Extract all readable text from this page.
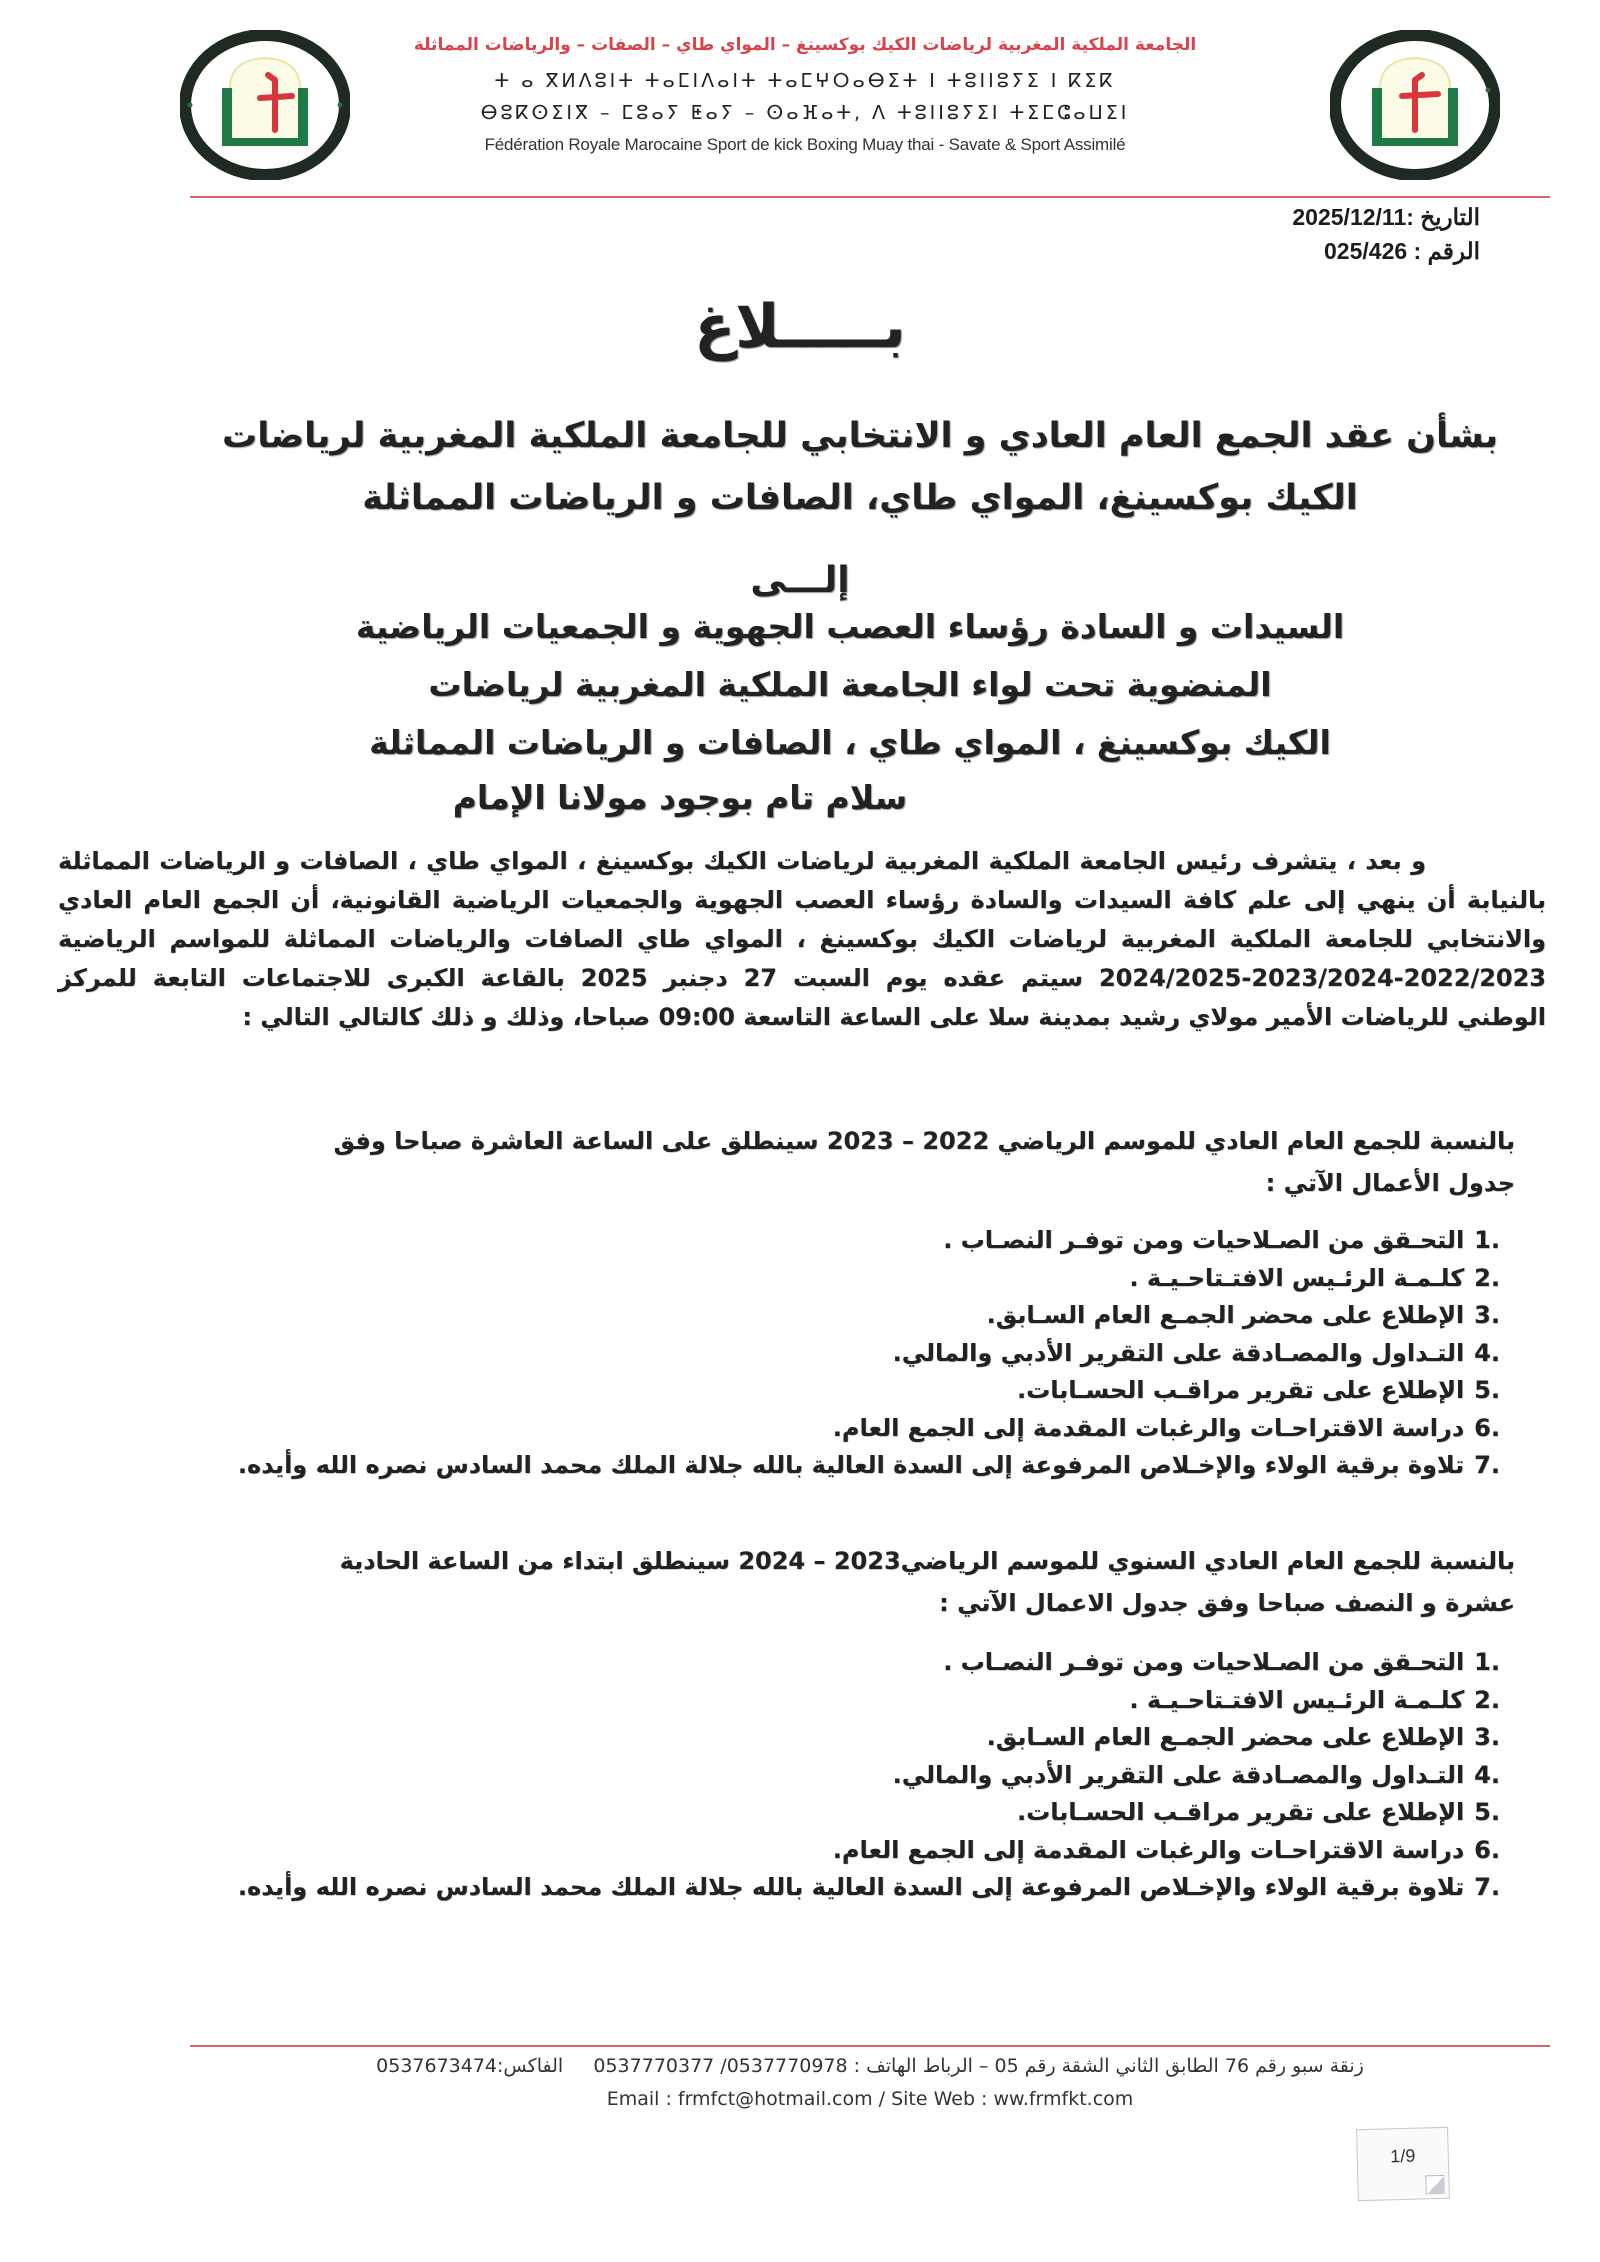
الجامعة الملكية المغربية لرياضات الكيك بوكسينغ – المواي طاي – الصفات – والرياضات المماثلة
ⵜ ⴰ ⴳⵍⴷⵓⵏⵜ ⵜⴰⵎⵏⴷⴰⵏⵜ ⵜⴰⵎⵖⵔⴰⴱⵉⵜ ⵏ ⵜⵓⵏⵏⵓⵢⵉ ⵏ ⴽⵉⴽ
ⴱⵓⴽⵙⵉⵏⴳ – ⵎⵓⴰⵢ ⵟⴰⵢ – ⵙⴰⴼⴰⵜ, ⴷ ⵜⵓⵏⵏⵓⵢⵉⵏ ⵜⵉⵎⵛⴰⵡⵉⵏ
Fédération Royale Marocaine Sport de kick Boxing Muay thai - Savate & Sport Assimilé
التاريخ :2025/12/11
الرقم : 025/426
بـــــلاغ
بشأن عقد الجمع العام العادي و الانتخابي للجامعة الملكية المغربية لرياضات
الكيك بوكسينغ، المواي طاي، الصافات و الرياضات المماثلة
إلـــى
السيدات و السادة رؤساء العصب الجهوية و الجمعيات الرياضية
المنضوية تحت لواء الجامعة الملكية المغربية لرياضات
الكيك بوكسينغ ، المواي طاي ، الصافات و الرياضات المماثلة
سلام تام بوجود مولانا الإمام
و بعد ، يتشرف رئيس الجامعة الملكية المغربية لرياضات الكيك بوكسينغ ، المواي طاي ، الصافات و الرياضات المماثلة بالنيابة أن ينهي إلى علم كافة السيدات والسادة رؤساء العصب الجهوية والجمعيات الرياضية القانونية، أن الجمع العام العادي والانتخابي للجامعة الملكية المغربية لرياضات الكيك بوكسينغ ، المواي طاي الصافات والرياضات المماثلة للمواسم الرياضية 2022/2023-2023/2024-2024/2025 سيتم عقده يوم السبت 27 دجنبر 2025 بالقاعة الكبرى للاجتماعات التابعة للمركز الوطني للرياضات الأمير مولاي رشيد بمدينة سلا على الساعة التاسعة 09:00 صباحا، وذلك و ذلك كالتالي التالي :
بالنسبة للجمع العام العادي للموسم الرياضي 2022 – 2023 سينطلق على الساعة العاشرة صباحا وفق
جدول الأعمال الآتي :
1.التحـقق من الصـلاحيات ومن توفـر النصـاب .
2.كلـمـة الرئـيس الافتـتاحـيـة .
3.الإطلاع على محضر الجمـع العام السـابق.
4.التـداول والمصـادقة على التقرير الأدبي والمالي.
5.الإطلاع على تقرير مراقـب الحسـابات.
6.دراسة الاقتراحـات والرغبات المقدمة إلى الجمع العام.
7.تلاوة برقية الولاء والإخـلاص المرفوعة إلى السدة العالية بالله جلالة الملك محمد السادس نصره الله وأيده.
بالنسبة للجمع العام العادي السنوي للموسم الرياضي2023 – 2024 سينطلق ابتداء من الساعة الحادية
عشرة و النصف صباحا وفق جدول الاعمال الآتي :
1.التحـقق من الصـلاحيات ومن توفـر النصـاب .
2.كلـمـة الرئـيس الافتـتاحـيـة .
3.الإطلاع على محضر الجمـع العام السـابق.
4.التـداول والمصـادقة على التقرير الأدبي والمالي.
5.الإطلاع على تقرير مراقـب الحسـابات.
6.دراسة الاقتراحـات والرغبات المقدمة إلى الجمع العام.
7.تلاوة برقية الولاء والإخـلاص المرفوعة إلى السدة العالية بالله جلالة الملك محمد السادس نصره الله وأيده.
زنقة سبو رقم 76 الطابق الثاني الشقة رقم 05 – الرباط الهاتف : 0537770377 /0537770978     الفاكس:0537673474
Email : frmfct@hotmail.com / Site Web : ww.frmfkt.com
1/9
